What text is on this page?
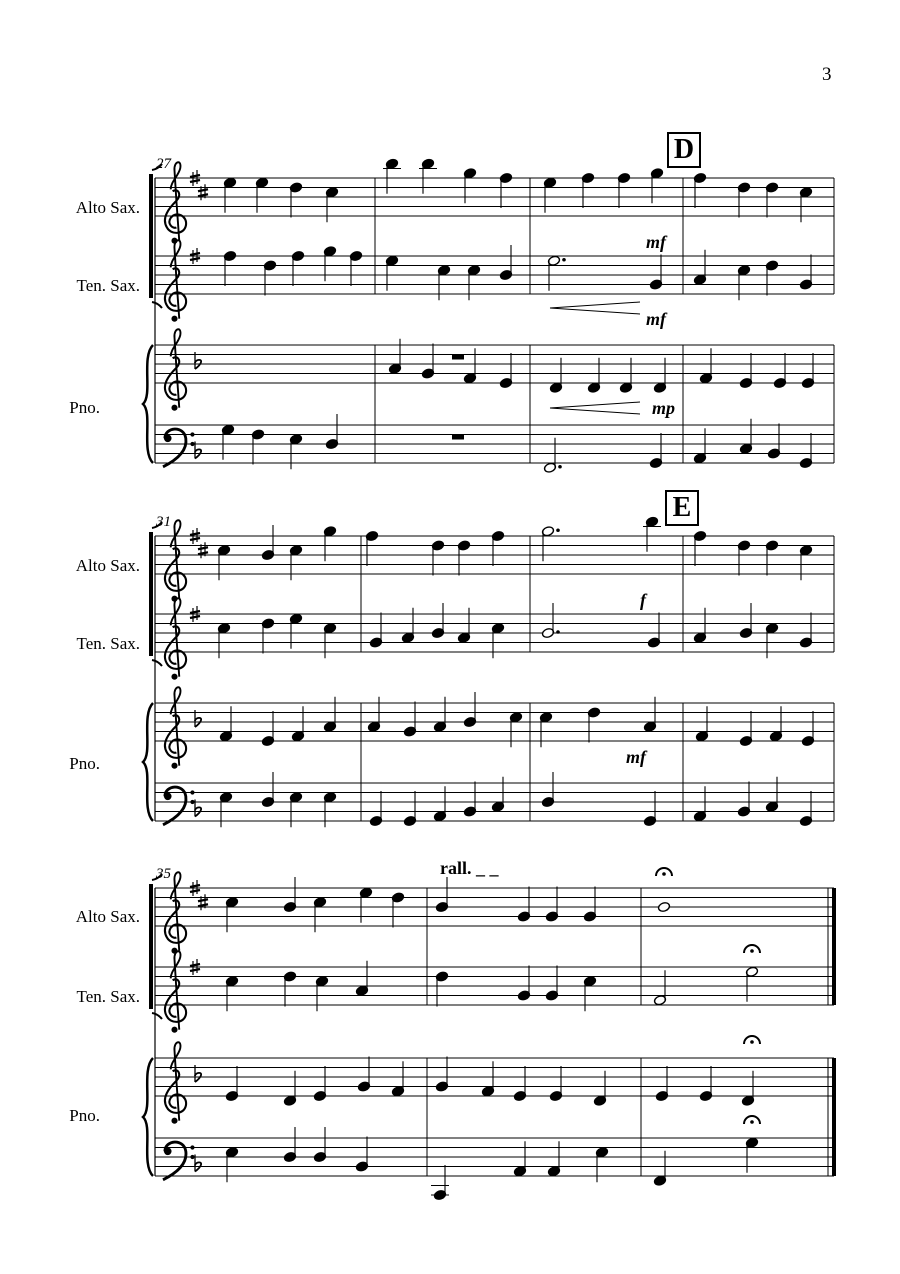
3
Alto Sax.
Ten. Sax.
Pno.
Alto Sax.
Ten. Sax.
Pno.
Alto Sax.
Ten. Sax.
Pno.
27
31
35
D
E
rall. _ _
mf
mf
mp
f
mf
